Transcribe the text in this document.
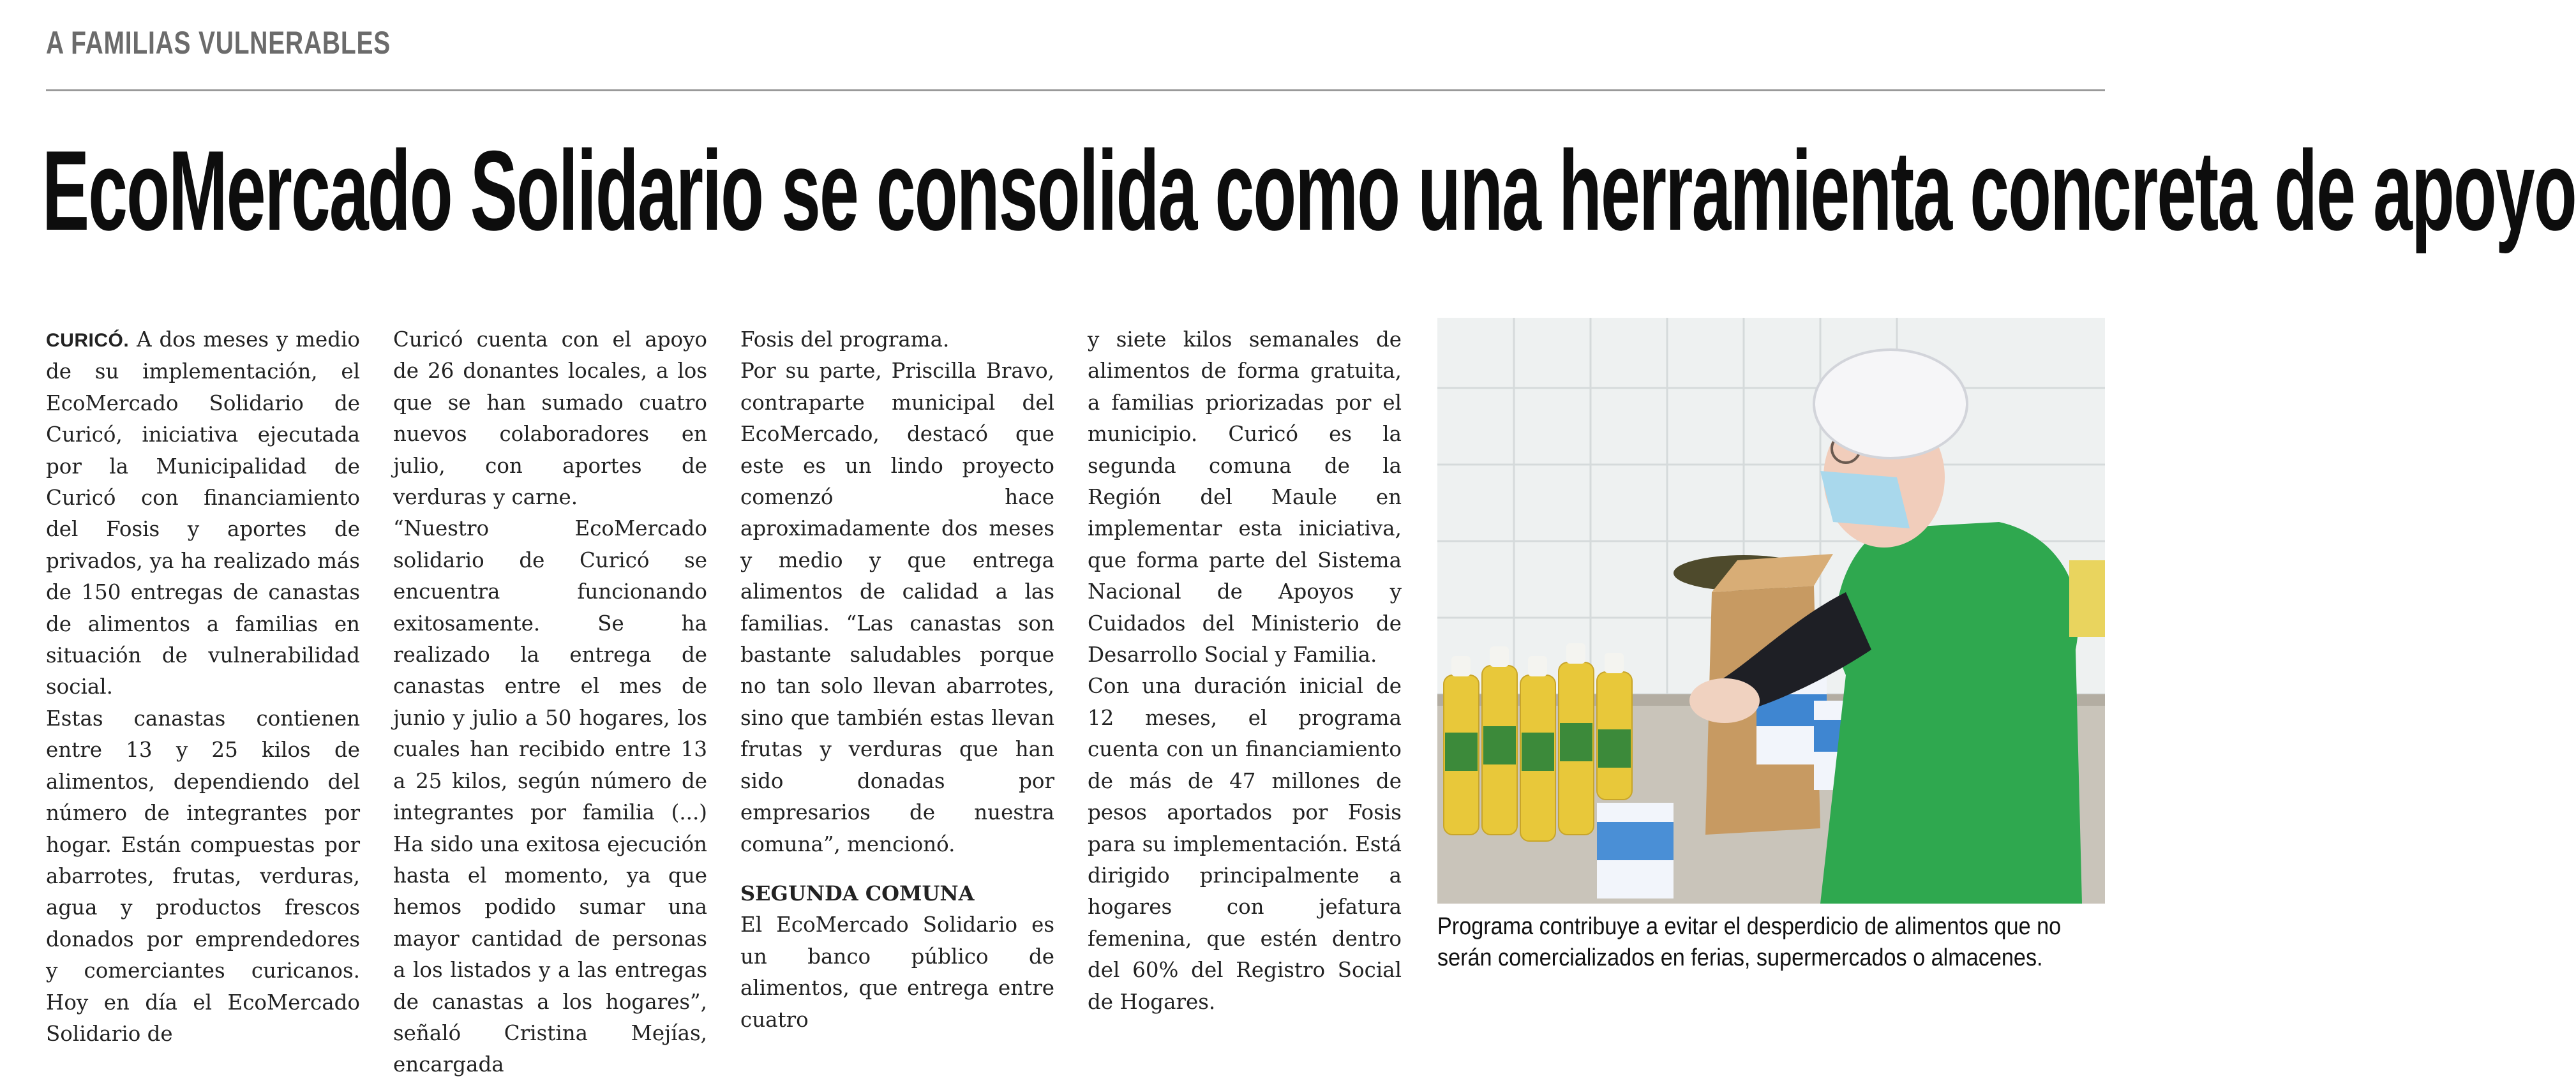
A FAMILIAS VULNERABLES
EcoMercado Solidario se consolida como una herramienta concreta de apoyo

CURICÓ. A dos meses y medio de su implementación, el EcoMercado Solidario de Curicó, iniciativa ejecutada por la Municipalidad de Curicó con financiamiento del Fosis y aportes de privados, ya ha realizado más de 150 entregas de canastas de alimentos a familias en situación de vulnerabilidad social.

Estas canastas contienen entre 13 y 25 kilos de alimentos, dependiendo del número de integrantes por hogar. Están compuestas por abarrotes, frutas, verduras, agua y productos frescos donados por emprendedores y comerciantes curicanos. Hoy en día el EcoMercado Solidario de

Curicó cuenta con el apoyo de 26 donantes locales, a los que se han sumado cuatro nuevos colaboradores en julio, con aportes de verduras y carne.

“Nuestro EcoMercado solidario de Curicó se encuentra funcionando exitosamente. Se ha realizado la entrega de canastas entre el mes de junio y julio a 50 hogares, los cuales han recibido entre 13 a 25 kilos, según número de integrantes por familia (...) Ha sido una exitosa ejecución hasta el momento, ya que hemos podido sumar una mayor cantidad de personas a los listados y a las entregas de canastas a los hogares”, señaló Cristina Mejías, encargada

Fosis del programa.

Por su parte, Priscilla Bravo, contraparte municipal del EcoMercado, destacó que este es un lindo proyecto comenzó hace aproximadamente dos meses y medio y que entrega alimentos de calidad a las familias. “Las canastas son bastante saludables porque no tan solo llevan abarrotes, sino que también estas llevan frutas y verduras que han sido donadas por empresarios de nuestra comuna”, mencionó.

SEGUNDA COMUNA

El EcoMercado Solidario es un banco público de alimentos, que entrega entre cuatro

y siete kilos semanales de alimentos de forma gratuita, a familias priorizadas por el municipio. Curicó es la segunda comuna de la Región del Maule en implementar esta iniciativa, que forma parte del Sistema Nacional de Apoyos y Cuidados del Ministerio de Desarrollo Social y Familia.

Con una duración inicial de 12 meses, el programa cuenta con un financiamiento de más de 47 millones de pesos aportados por Fosis para su implementación. Está dirigido principalmente a hogares con jefatura femenina, que estén dentro del 60% del Registro Social de Hogares.

Programa contribuye a evitar el desperdicio de alimentos que no serán comercializados en ferias, supermercados o almacenes.
